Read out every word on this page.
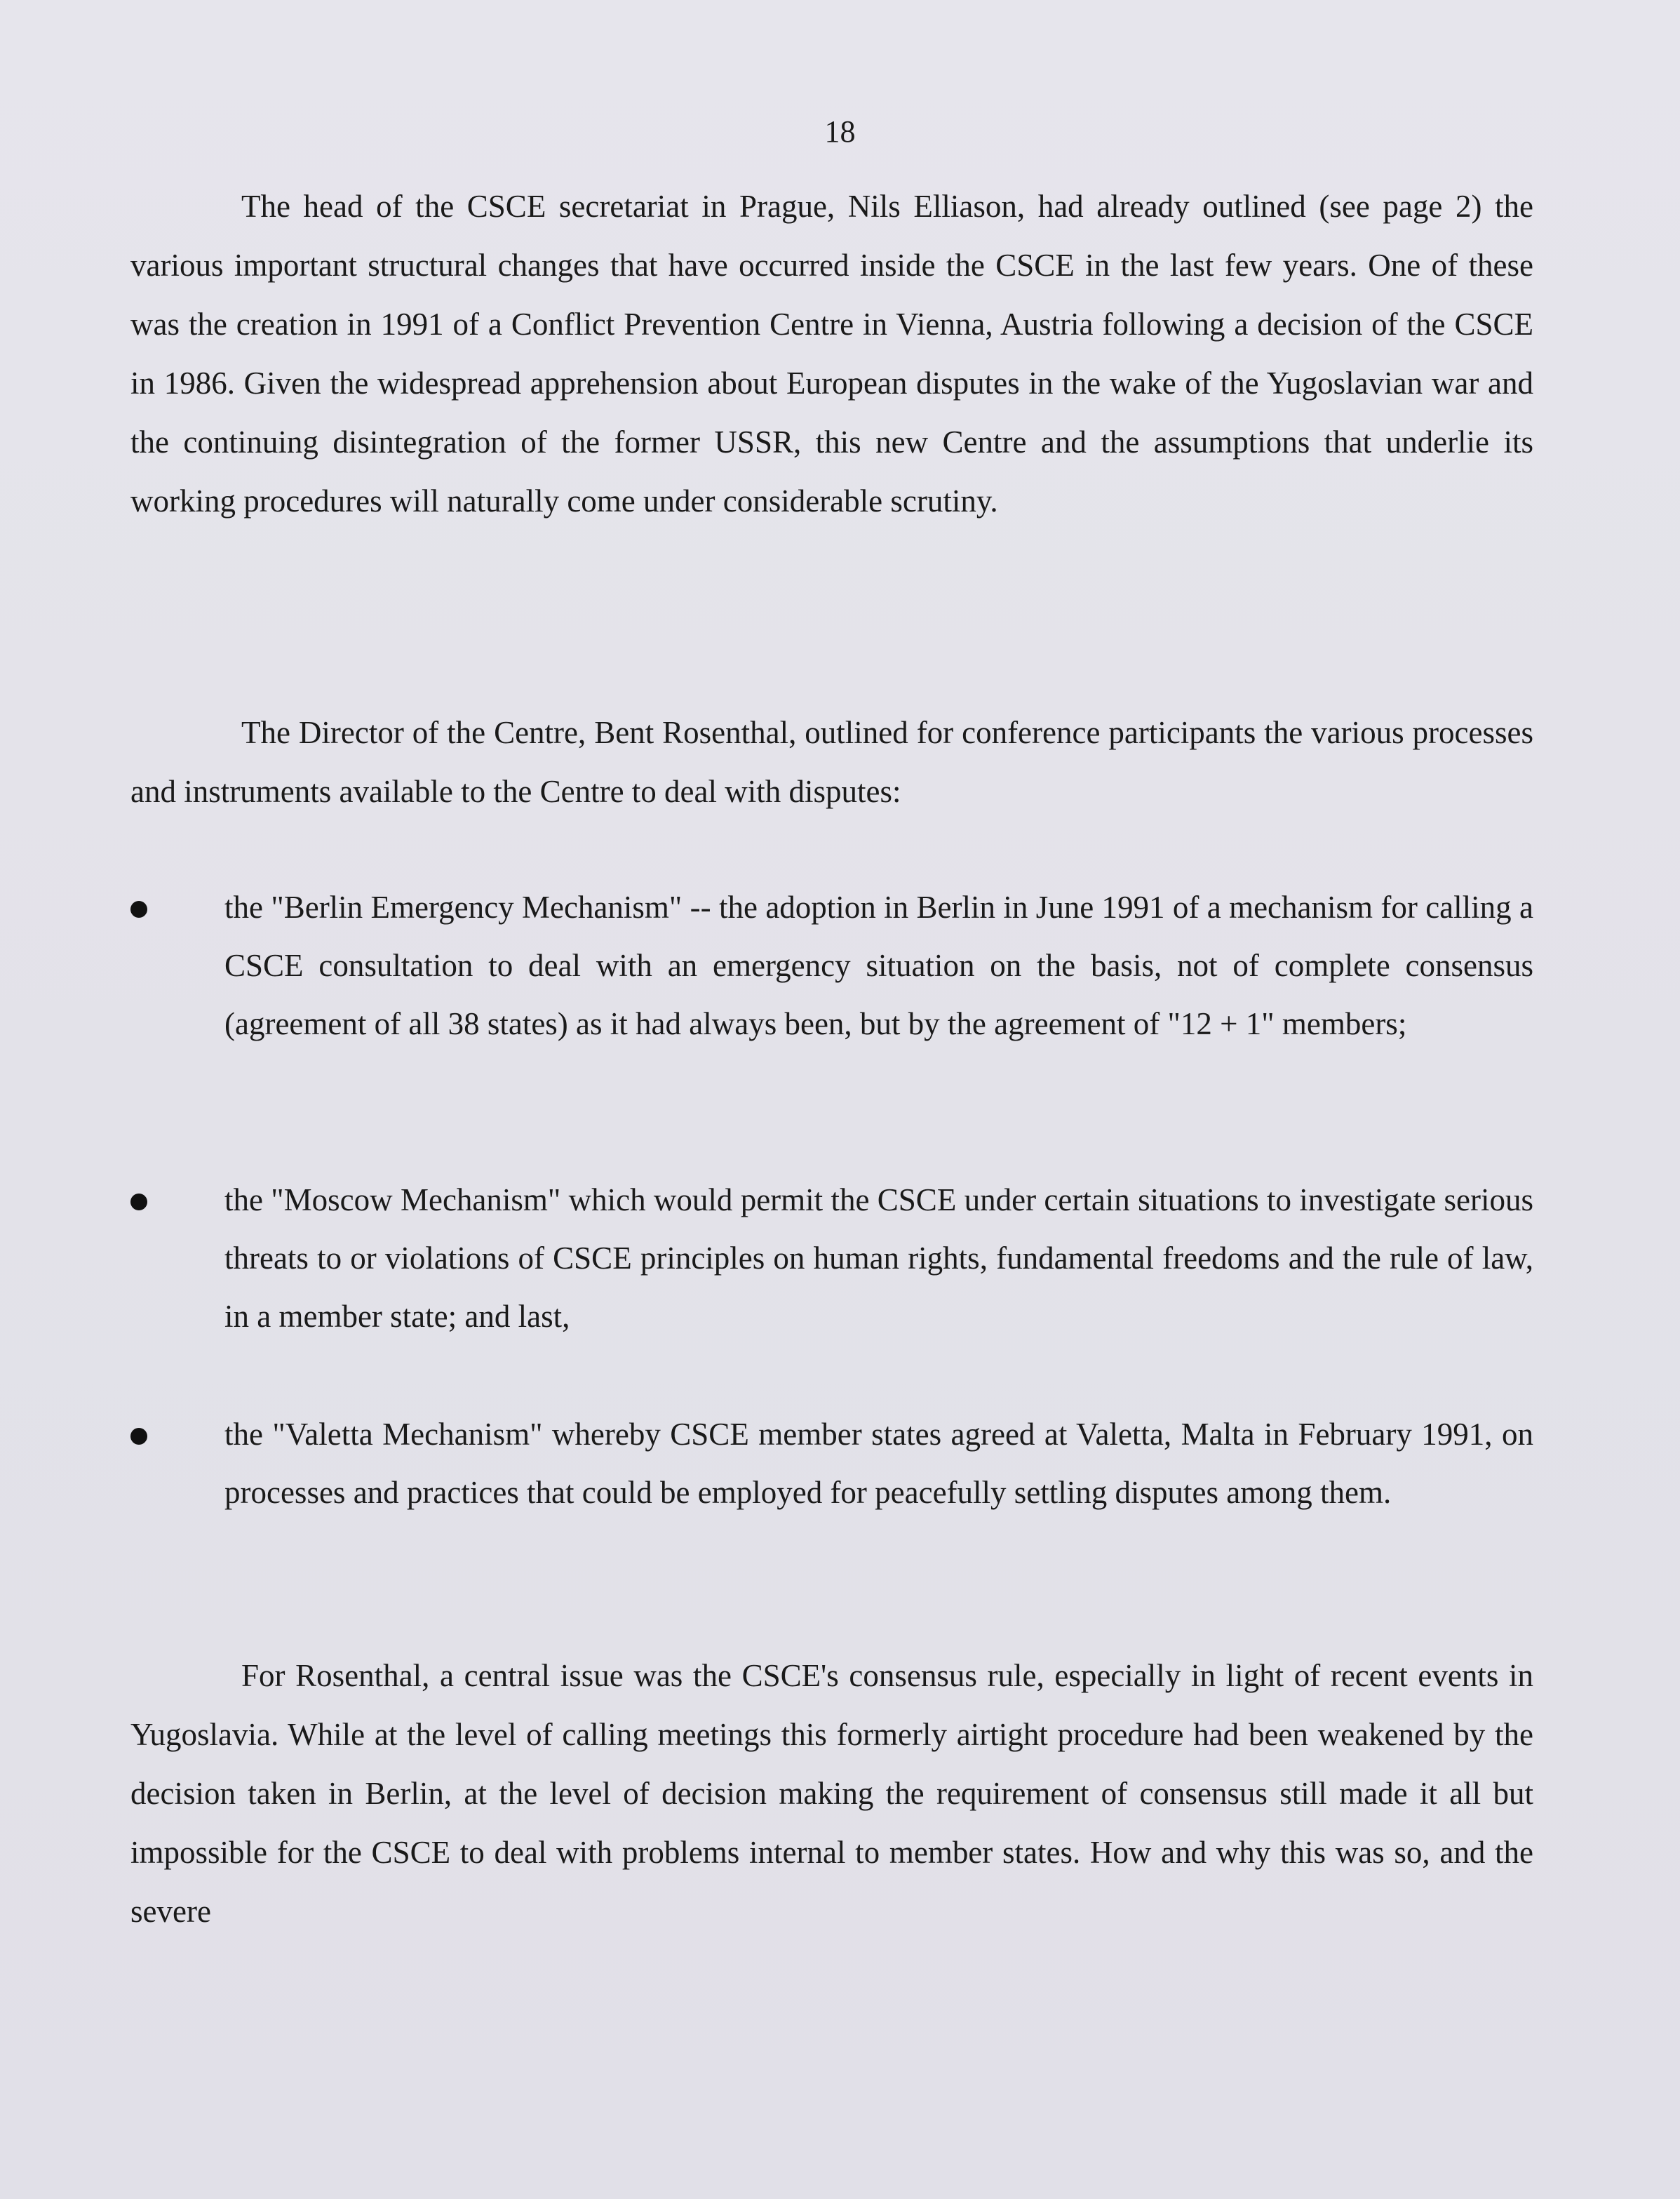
18

The head of the CSCE secretariat in Prague, Nils Elliason, had already outlined (see page 2) the various important structural changes that have occurred inside the CSCE in the last few years. One of these was the creation in 1991 of a Conflict Prevention Centre in Vienna, Austria following a decision of the CSCE in 1986. Given the widespread apprehension about European disputes in the wake of the Yugoslavian war and the continuing disintegration of the former USSR, this new Centre and the assumptions that underlie its working procedures will naturally come under considerable scrutiny.

The Director of the Centre, Bent Rosenthal, outlined for conference participants the various processes and instruments available to the Centre to deal with disputes:

the "Berlin Emergency Mechanism" -- the adoption in Berlin in June 1991 of a mechanism for calling a CSCE consultation to deal with an emergency situation on the basis, not of complete consensus (agreement of all 38 states) as it had always been, but by the agreement of "12 + 1" members;

the "Moscow Mechanism" which would permit the CSCE under certain situations to investigate serious threats to or violations of CSCE principles on human rights, fundamental freedoms and the rule of law, in a member state; and last,

the "Valetta Mechanism" whereby CSCE member states agreed at Valetta, Malta in February 1991, on processes and practices that could be employed for peacefully settling disputes among them.

For Rosenthal, a central issue was the CSCE's consensus rule, especially in light of recent events in Yugoslavia. While at the level of calling meetings this formerly airtight procedure had been weakened by the decision taken in Berlin, at the level of decision making the requirement of consensus still made it all but impossible for the CSCE to deal with problems internal to member states. How and why this was so, and the severe
